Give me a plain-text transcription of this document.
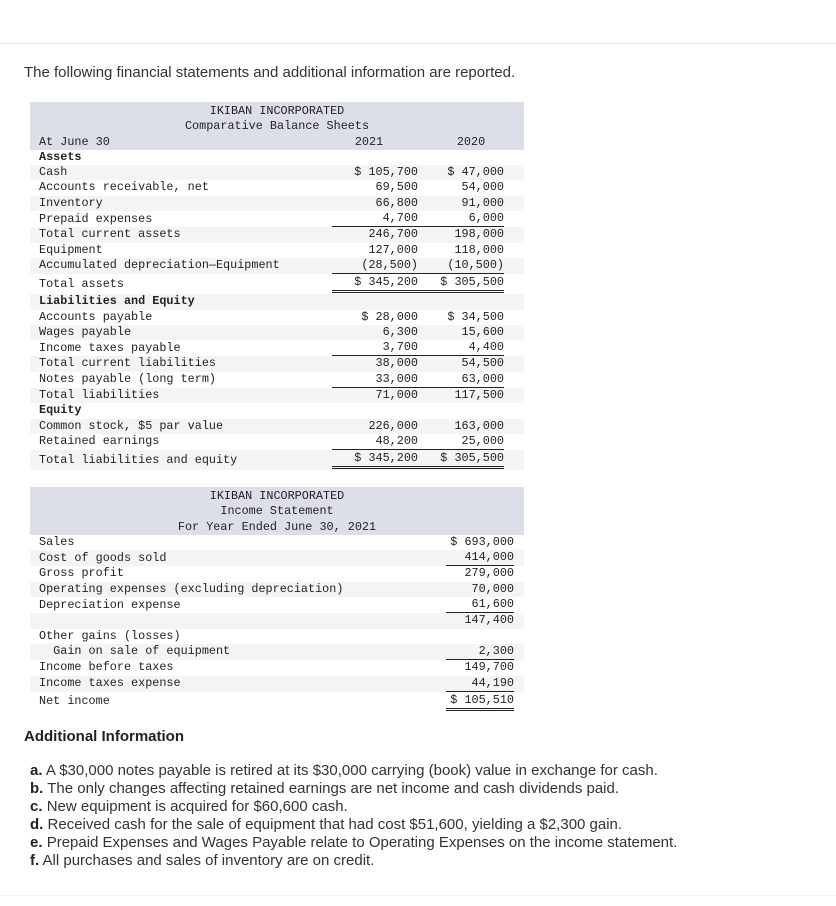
The following financial statements and additional information are reported.
IKIBAN INCORPORATED		
Comparative Balance Sheets		
At June 30	2021	2020
Assets		
Cash	$ 105,700	$ 47,000
Accounts receivable, net	69,500	54,000
Inventory	66,800	91,000
Prepaid expenses	4,700	6,000
Total current assets	246,700	198,000
Equipment	127,000	118,000
Accumulated depreciation—Equipment	(28,500)	(10,500)
Total assets	$ 345,200	$ 305,500
Liabilities and Equity		
Accounts payable	$ 28,000	$ 34,500
Wages payable	6,300	15,600
Income taxes payable	3,700	4,400
Total current liabilities	38,000	54,500
Notes payable (long term)	33,000	63,000
Total liabilities	71,000	117,500
Equity		
Common stock, $5 par value	226,000	163,000
Retained earnings	48,200	25,000
Total liabilities and equity	$ 345,200	$ 305,500
IKIBAN INCORPORATED	
Income Statement	
For Year Ended June 30, 2021	
Sales	$ 693,000
Cost of goods sold	414,000
Gross profit	279,000
Operating expenses (excluding depreciation)	70,000
Depreciation expense	61,600
	147,400
Other gains (losses)	
Gain on sale of equipment	2,300
Income before taxes	149,700
Income taxes expense	44,190
Net income	$ 105,510
Additional Information
a. A $30,000 notes payable is retired at its $30,000 carrying (book) value in exchange for cash.
b. The only changes affecting retained earnings are net income and cash dividends paid.
c. New equipment is acquired for $60,600 cash.
d. Received cash for the sale of equipment that had cost $51,600, yielding a $2,300 gain.
e. Prepaid Expenses and Wages Payable relate to Operating Expenses on the income statement.
f. All purchases and sales of inventory are on credit.
